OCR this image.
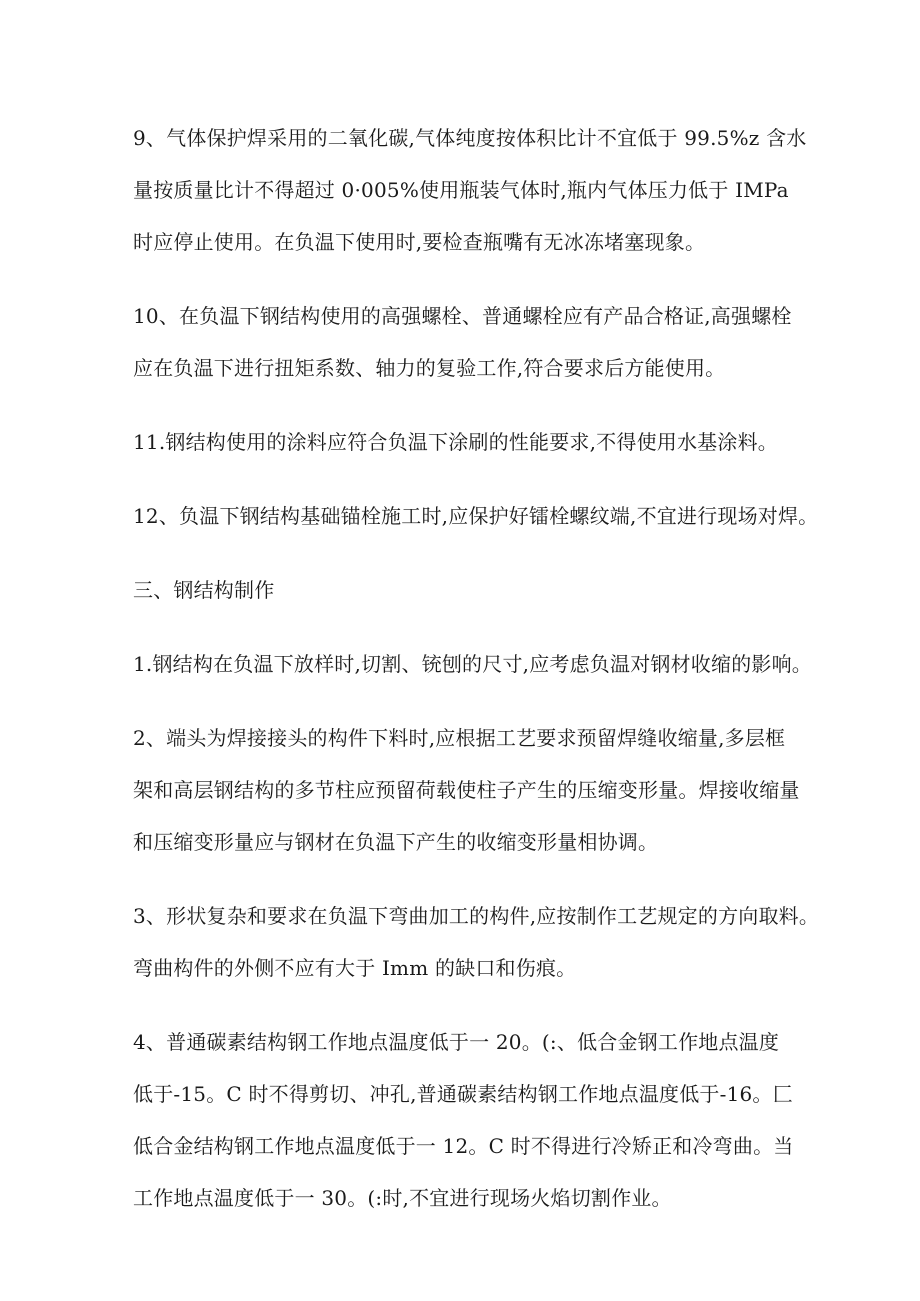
9、气体保护焊采用的二氧化碳,气体纯度按体积比计不宜低于 99.5%z 含水
量按质量比计不得超过 0·005%使用瓶装气体时,瓶内气体压力低于 IMPa
时应停止使用。在负温下使用时,要检查瓶嘴有无冰冻堵塞现象。
10、在负温下钢结构使用的高强螺栓、普通螺栓应有产品合格证,高强螺栓
应在负温下进行扭矩系数、轴力的复验工作,符合要求后方能使用。
11.钢结构使用的涂料应符合负温下涂刷的性能要求,不得使用水基涂料。
12、负温下钢结构基础锚栓施工时,应保护好镭栓螺纹端,不宜进行现场对焊。
三、钢结构制作
1.钢结构在负温下放样时,切割、铳刨的尺寸,应考虑负温对钢材收缩的影响。
2、端头为焊接接头的构件下料时,应根据工艺要求预留焊缝收缩量,多层框
架和高层钢结构的多节柱应预留荷载使柱子产生的压缩变形量。焊接收缩量
和压缩变形量应与钢材在负温下产生的收缩变形量相协调。
3、形状复杂和要求在负温下弯曲加工的构件,应按制作工艺规定的方向取料。
弯曲构件的外侧不应有大于 Imm 的缺口和伤痕。
4、普通碳素结构钢工作地点温度低于一 20。(:、低合金钢工作地点温度
低于-15。C 时不得剪切、冲孔,普通碳素结构钢工作地点温度低于-16。匚
低合金结构钢工作地点温度低于一 12。C 时不得进行冷矫正和冷弯曲。当
工作地点温度低于一 30。(:时,不宜进行现场火焰切割作业。
